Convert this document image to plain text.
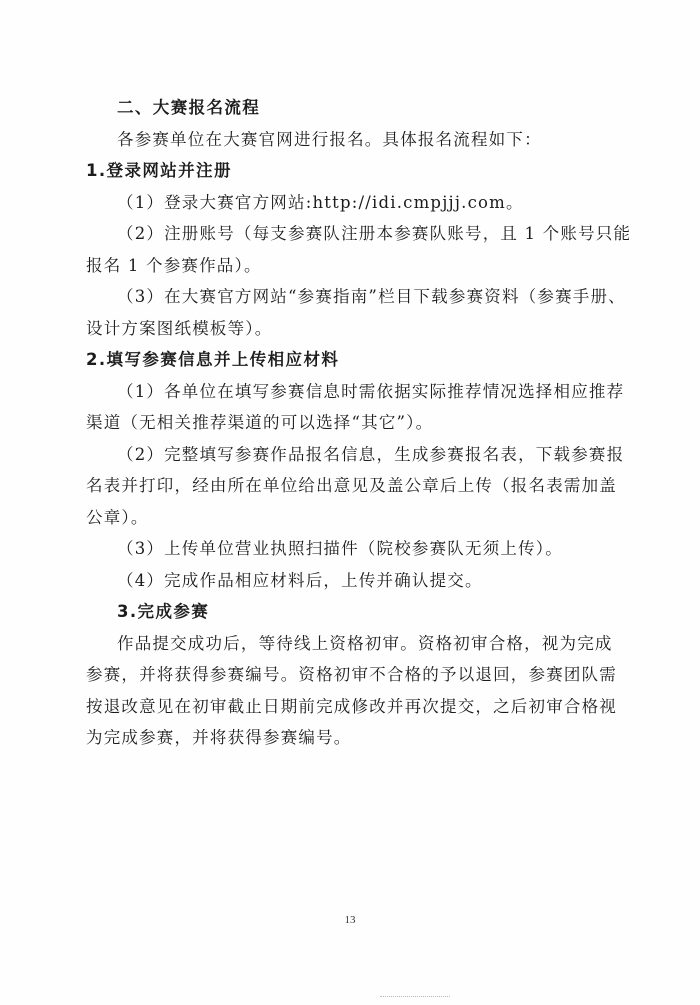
二、大赛报名流程
各参赛单位在大赛官网进行报名。具体报名流程如下：
1.登录网站并注册
（1）登录大赛官方网站:http://idi.cmpjjj.com。
（2）注册账号（每支参赛队注册本参赛队账号，且 1 个账号只能
报名 1 个参赛作品）。
（3）在大赛官方网站“参赛指南”栏目下载参赛资料（参赛手册、
设计方案图纸模板等）。
2.填写参赛信息并上传相应材料
（1）各单位在填写参赛信息时需依据实际推荐情况选择相应推荐
渠道（无相关推荐渠道的可以选择“其它”）。
（2）完整填写参赛作品报名信息，生成参赛报名表，下载参赛报
名表并打印，经由所在单位给出意见及盖公章后上传（报名表需加盖
公章）。
（3）上传单位营业执照扫描件（院校参赛队无须上传）。
（4）完成作品相应材料后，上传并确认提交。
3.完成参赛
作品提交成功后，等待线上资格初审。资格初审合格，视为完成
参赛，并将获得参赛编号。资格初审不合格的予以退回，参赛团队需
按退改意见在初审截止日期前完成修改并再次提交，之后初审合格视
为完成参赛，并将获得参赛编号。
13
